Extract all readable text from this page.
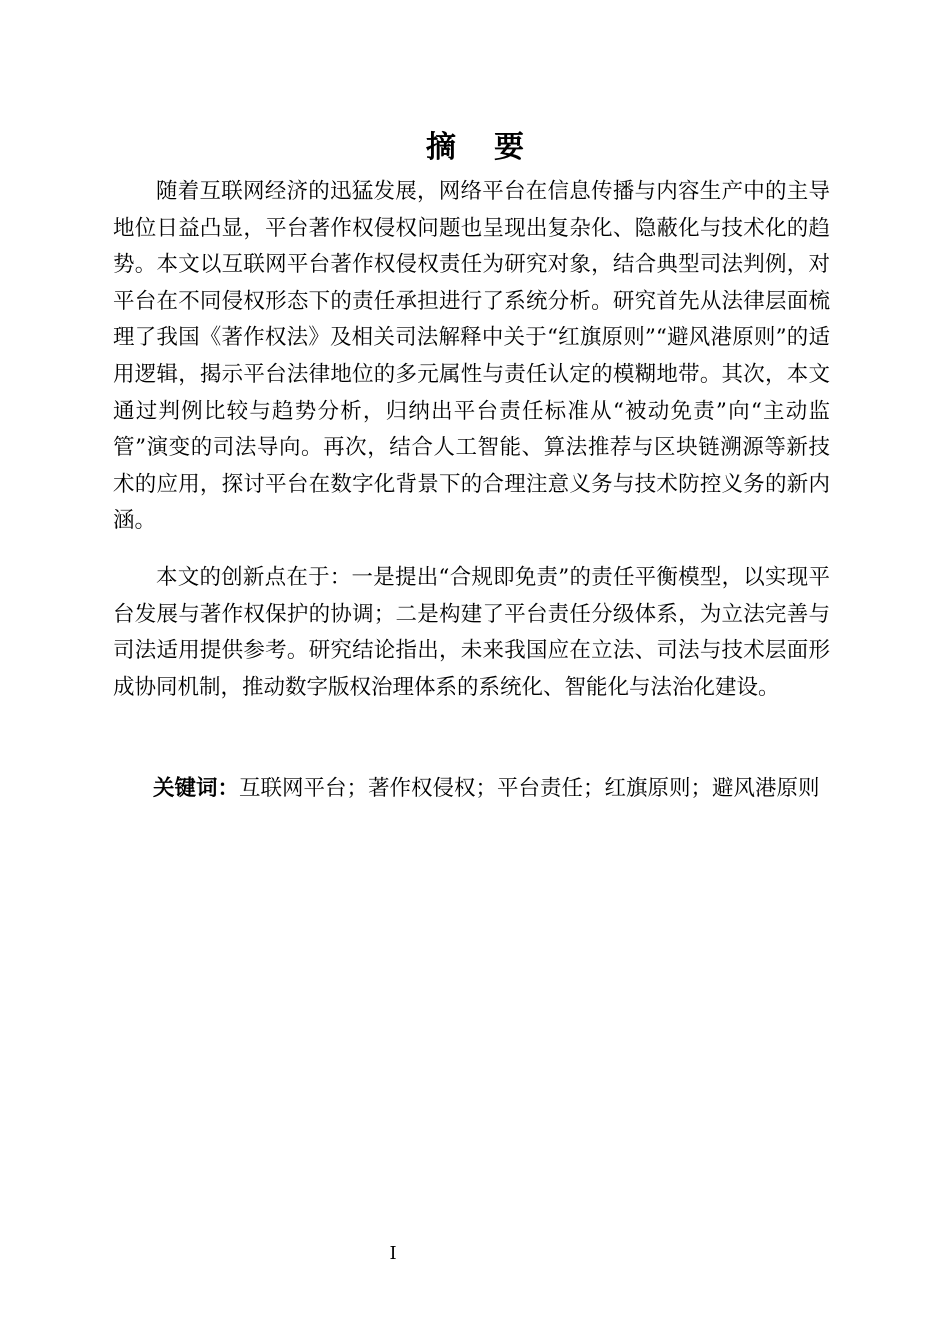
摘要

随着互联网经济的迅猛发展，网络平台在信息传播与内容生产中的主导地位日益凸显，平台著作权侵权问题也呈现出复杂化、隐蔽化与技术化的趋势。本文以互联网平台著作权侵权责任为研究对象，结合典型司法判例，对平台在不同侵权形态下的责任承担进行了系统分析。研究首先从法律层面梳理了我国《著作权法》及相关司法解释中关于“红旗原则”“避风港原则”的适用逻辑，揭示平台法律地位的多元属性与责任认定的模糊地带。其次，本文通过判例比较与趋势分析，归纳出平台责任标准从“被动免责”向“主动监管”演变的司法导向。再次，结合人工智能、算法推荐与区块链溯源等新技术的应用，探讨平台在数字化背景下的合理注意义务与技术防控义务的新内涵。

本文的创新点在于：一是提出“合规即免责”的责任平衡模型，以实现平台发展与著作权保护的协调；二是构建了平台责任分级体系，为立法完善与司法适用提供参考。研究结论指出，未来我国应在立法、司法与技术层面形成协同机制，推动数字版权治理体系的系统化、智能化与法治化建设。

关键词：互联网平台；著作权侵权；平台责任；红旗原则；避风港原则
I
